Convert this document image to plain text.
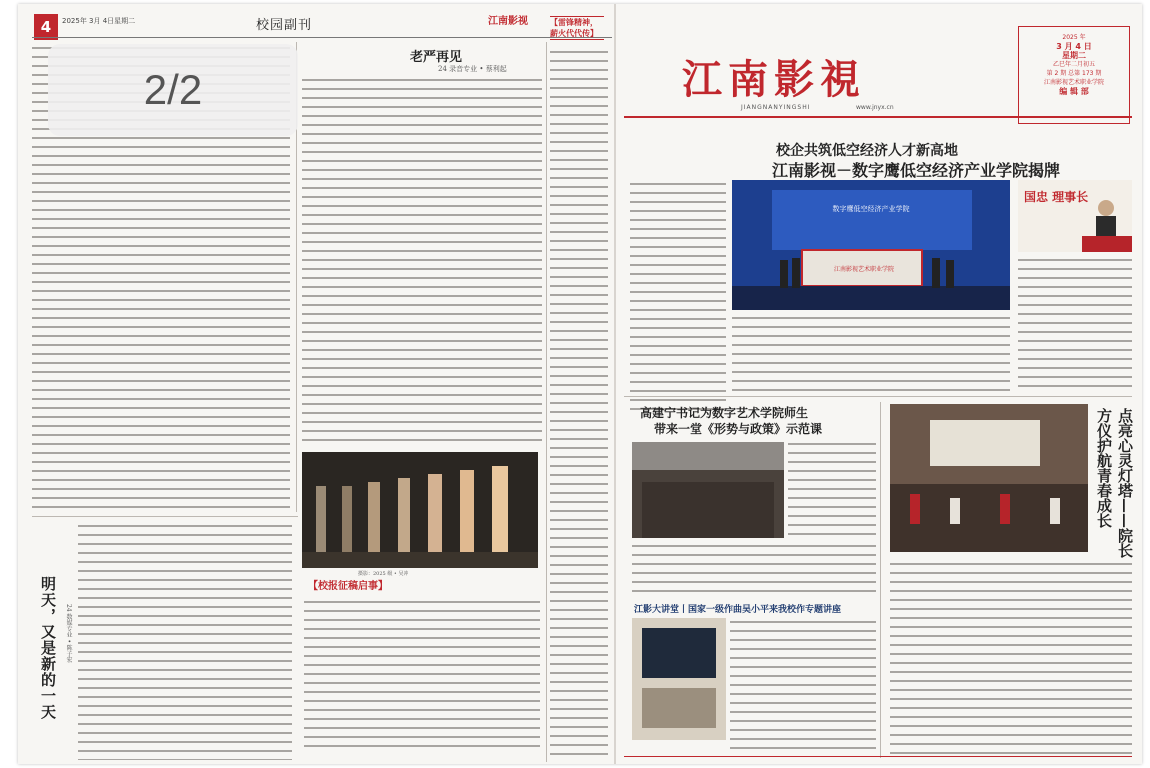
4	2025年 3月 4日星期二	校园副刊	江南影视
老严再见
24 录音专业 • 蔡利起
【雷锋精神，薪火代代传】
摄影：2025 级 • 吴冲
【校报征稿启事】
明天，又是新的一天	24 数媒专业 • 陈子宏
2/2	江南影視
JIANGNANYINGSHI	www.jnyx.cn
2025 年
3 月 4 日
星期二
乙巳年二月初五
第 2 期 总第 173 期
江南影视艺术职业学院
编 辑 部
校企共筑低空经济人才新高地
江南影视－数字鹰低空经济产业学院揭牌
数字鹰低空经济产业学院
江南影视艺术职业学院
国忠 理事长
高建宁书记为数字艺术学院师生
带来一堂《形势与政策》示范课
江影大讲堂丨国家一级作曲吴小平来我校作专题讲座
点亮心灵灯塔——院长方仪护航青春成长
